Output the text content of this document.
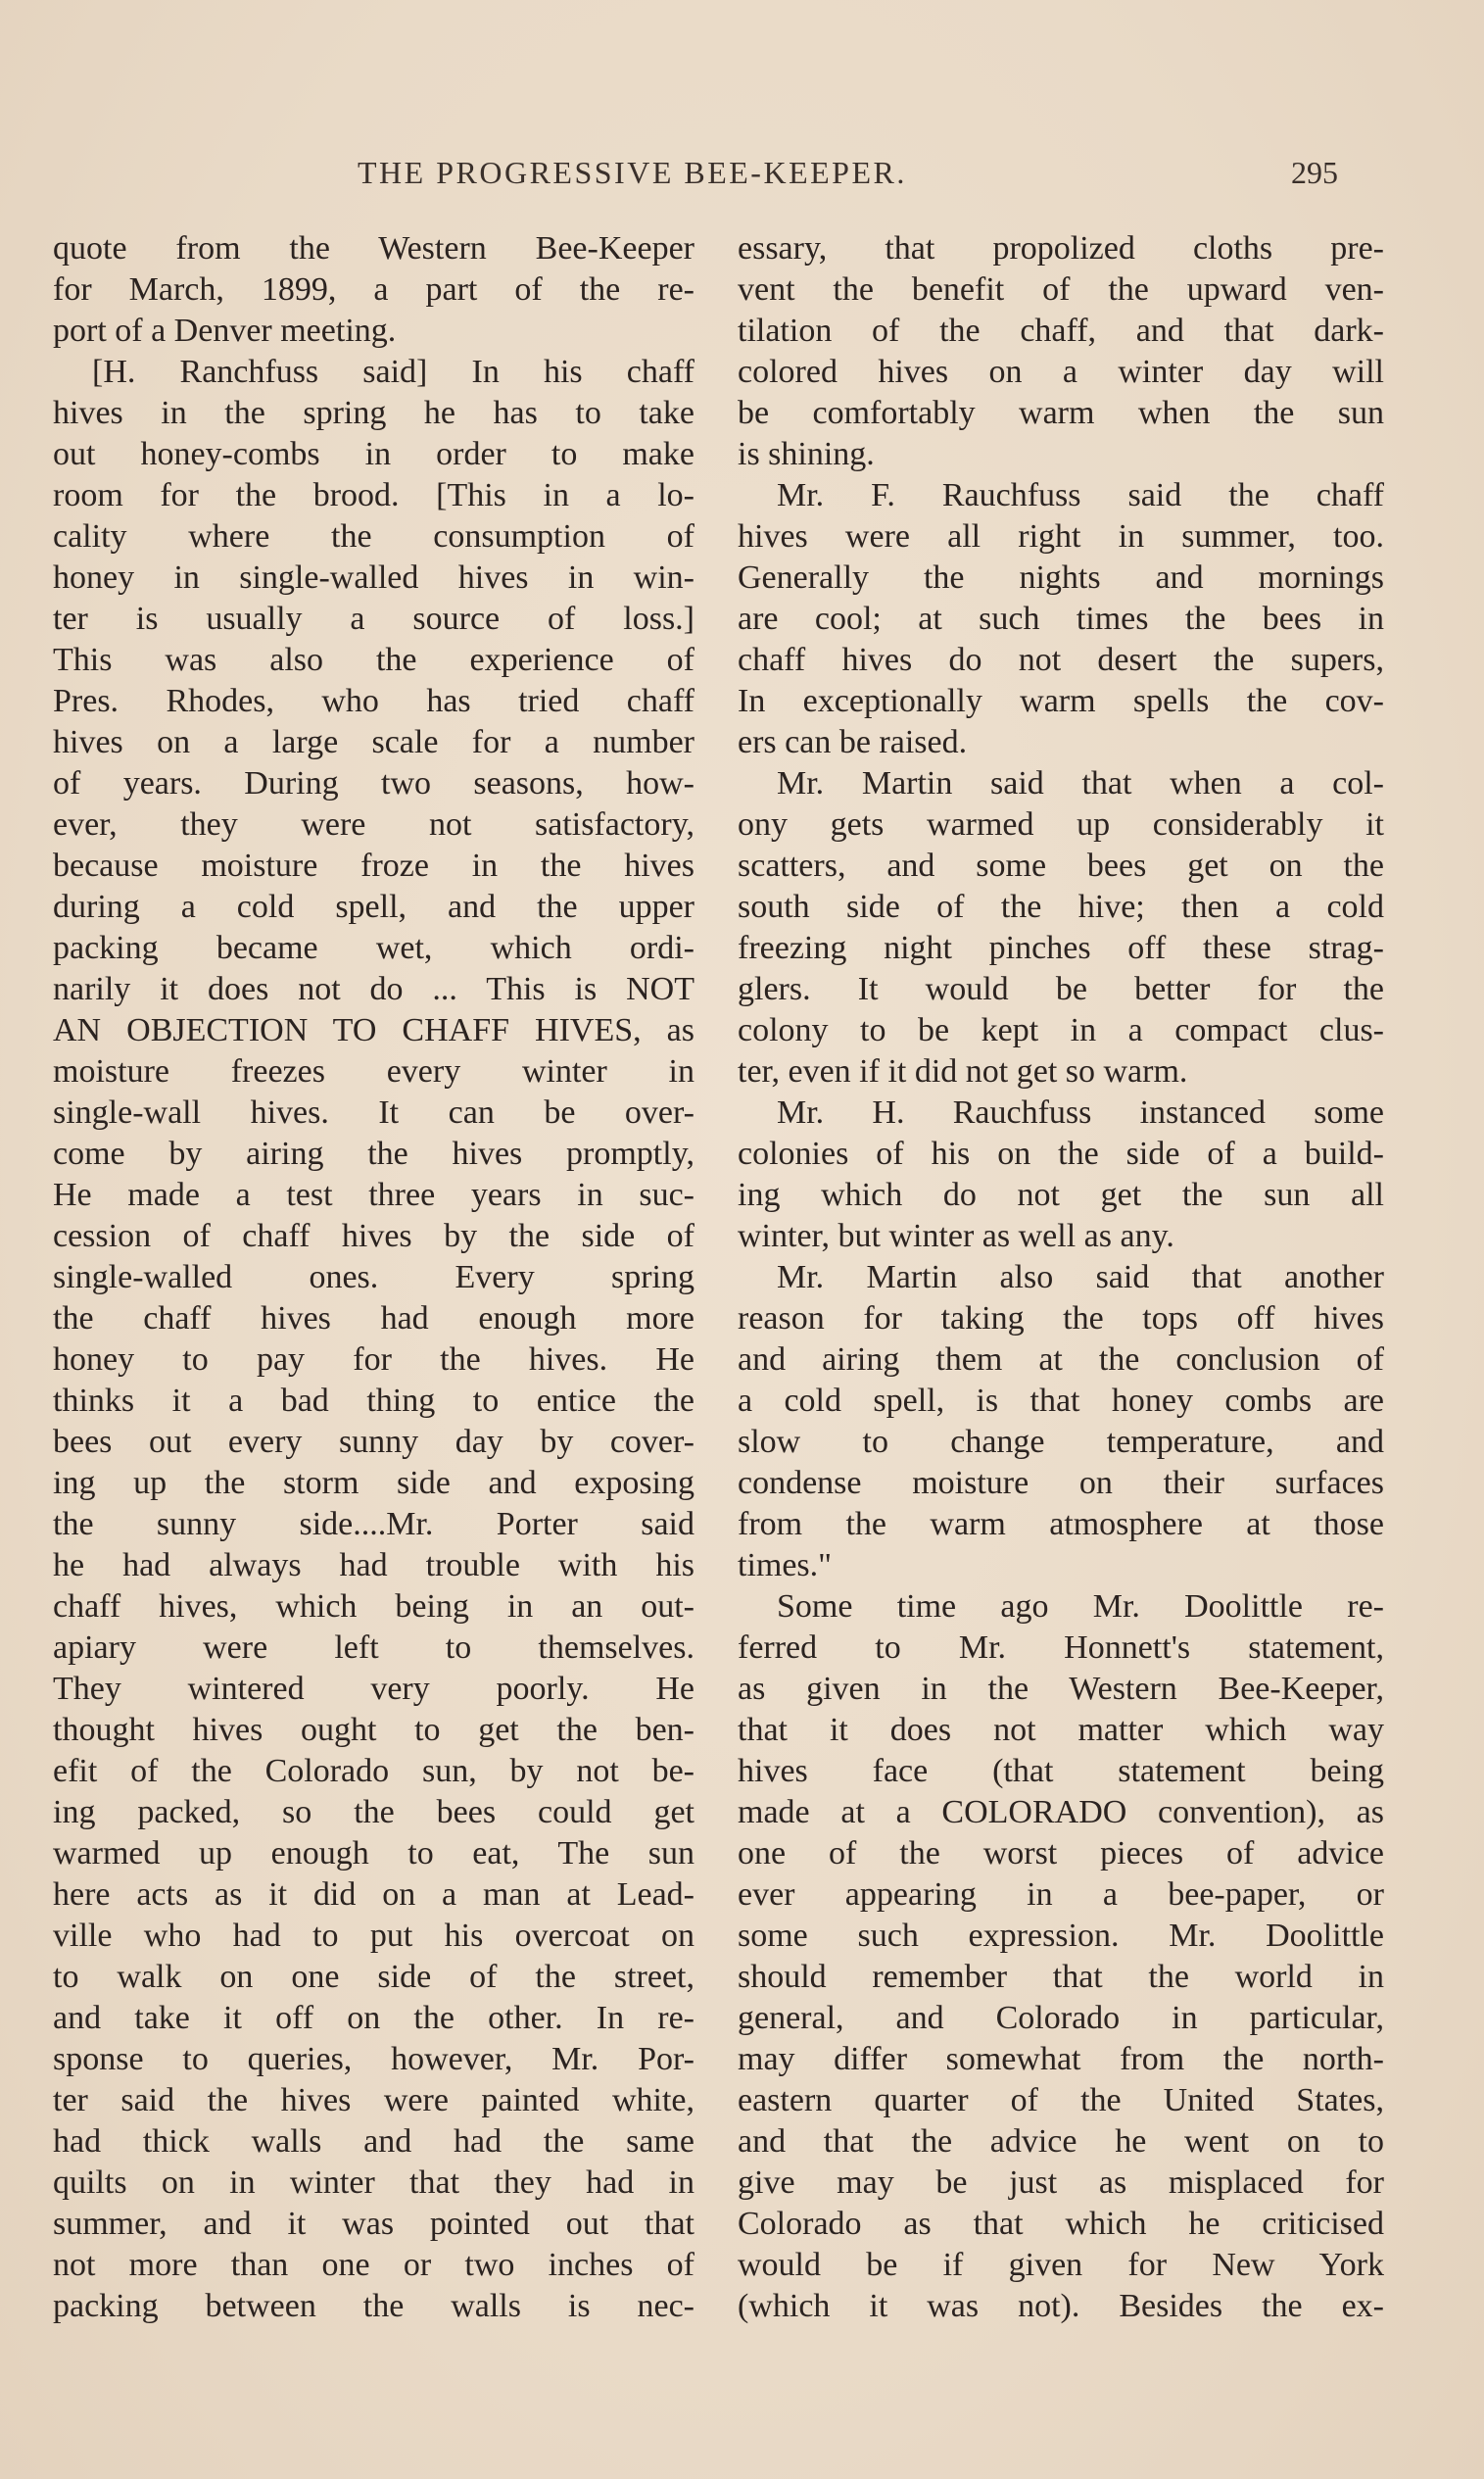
THE PROGRESSIVE BEE-KEEPER.	295
quote from the Western Bee-Keeper
for March, 1899, a part of the re-
port of a Denver meeting.
[H. Ranchfuss said] In his chaff
hives in the spring he has to take
out honey-combs in order to make
room for the brood. [This in a lo-
cality where the consumption of
honey in single-walled hives in win-
ter is usually a source of loss.]
This was also the experience of
Pres. Rhodes, who has tried chaff
hives on a large scale for a number
of years. During two seasons, how-
ever, they were not satisfactory,
because moisture froze in the hives
during a cold spell, and the upper
packing became wet, which ordi-
narily it does not do ... This is NOT
AN OBJECTION TO CHAFF HIVES, as
moisture freezes every winter in
single-wall hives. It can be over-
come by airing the hives promptly,
He made a test three years in suc-
cession of chaff hives by the side of
single-walled ones. Every spring
the chaff hives had enough more
honey to pay for the hives. He
thinks it a bad thing to entice the
bees out every sunny day by cover-
ing up the storm side and exposing
the sunny side....Mr. Porter said
he had always had trouble with his
chaff hives, which being in an out-
apiary were left to themselves.
They wintered very poorly. He
thought hives ought to get the ben-
efit of the Colorado sun, by not be-
ing packed, so the bees could get
warmed up enough to eat, The sun
here acts as it did on a man at Lead-
ville who had to put his overcoat on
to walk on one side of the street,
and take it off on the other. In re-
sponse to queries, however, Mr. Por-
ter said the hives were painted white,
had thick walls and had the same
quilts on in winter that they had in
summer, and it was pointed out that
not more than one or two inches of
packing between the walls is nec-
essary, that propolized cloths pre-
vent the benefit of the upward ven-
tilation of the chaff, and that dark-
colored hives on a winter day will
be comfortably warm when the sun
is shining.
Mr. F. Rauchfuss said the chaff
hives were all right in summer, too.
Generally the nights and mornings
are cool; at such times the bees in
chaff hives do not desert the supers,
In exceptionally warm spells the cov-
ers can be raised.
Mr. Martin said that when a col-
ony gets warmed up considerably it
scatters, and some bees get on the
south side of the hive; then a cold
freezing night pinches off these strag-
glers. It would be better for the
colony to be kept in a compact clus-
ter, even if it did not get so warm.
Mr. H. Rauchfuss instanced some
colonies of his on the side of a build-
ing which do not get the sun all
winter, but winter as well as any.
Mr. Martin also said that another
reason for taking the tops off hives
and airing them at the conclusion of
a cold spell, is that honey combs are
slow to change temperature, and
condense moisture on their surfaces
from the warm atmosphere at those
times."
Some time ago Mr. Doolittle re-
ferred to Mr. Honnett's statement,
as given in the Western Bee-Keeper,
that it does not matter which way
hives face (that statement being
made at a COLORADO convention), as
one of the worst pieces of advice
ever appearing in a bee-paper, or
some such expression. Mr. Doolittle
should remember that the world in
general, and Colorado in particular,
may differ somewhat from the north-
eastern quarter of the United States,
and that the advice he went on to
give may be just as misplaced for
Colorado as that which he criticised
would be if given for New York
(which it was not). Besides the ex-
